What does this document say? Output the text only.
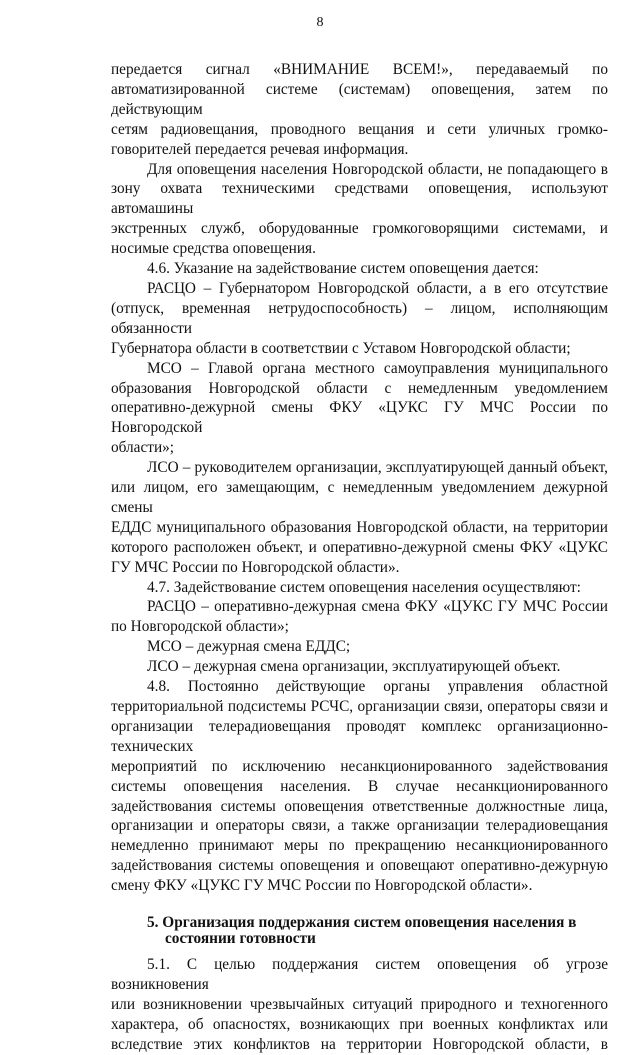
8

передается сигнал «ВНИМАНИЕ ВСЕМ!», передаваемый по

автоматизированной системе (системам) оповещения, затем по действующим

сетям радиовещания, проводного вещания и сети уличных громко-

говорителей передается речевая информация.

Для оповещения населения Новгородской области, не попадающего в

зону охвата техническими средствами оповещения, используют автомашины

экстренных служб, оборудованные громкоговорящими системами, и

носимые средства оповещения.

4.6. Указание на задействование систем оповещения дается:

РАСЦО – Губернатором Новгородской области, а в его отсутствие

(отпуск, временная нетрудоспособность) – лицом, исполняющим обязанности

Губернатора области в соответствии с Уставом Новгородской области;

МСО – Главой органа местного самоуправления муниципального

образования Новгородской области с немедленным уведомлением

оперативно-дежурной смены ФКУ «ЦУКС ГУ МЧС России по Новгородской

области»;

ЛСО – руководителем организации, эксплуатирующей данный объект,

или лицом, его замещающим, с немедленным уведомлением дежурной смены

ЕДДС муниципального образования Новгородской области, на территории

которого расположен объект, и оперативно-дежурной смены ФКУ «ЦУКС

ГУ МЧС России по Новгородской области».

4.7. Задействование систем оповещения населения осуществляют:

РАСЦО – оперативно-дежурная смена ФКУ «ЦУКС ГУ МЧС России

по Новгородской области»;

МСО – дежурная смена ЕДДС;

ЛСО – дежурная смена организации, эксплуатирующей объект.

4.8. Постоянно действующие органы управления областной

территориальной подсистемы РСЧС, организации связи, операторы связи и

организации телерадиовещания проводят комплекс организационно-технических

мероприятий по исключению несанкционированного задействования

системы оповещения населения. В случае несанкционированного

задействования системы оповещения ответственные должностные лица,

организации и операторы связи, а также организации телерадиовещания

немедленно принимают меры по прекращению несанкционированного

задействования системы оповещения и оповещают оперативно-дежурную

смену ФКУ «ЦУКС ГУ МЧС России по Новгородской области».

5. Организация поддержания систем оповещения населения в
состоянии готовности

5.1. С целью поддержания систем оповещения об угрозе возникновения

или возникновении чрезвычайных ситуаций природного и техногенного

характера, об опасностях, возникающих при военных конфликтах или

вследствие этих конфликтов на территории Новгородской области, в
